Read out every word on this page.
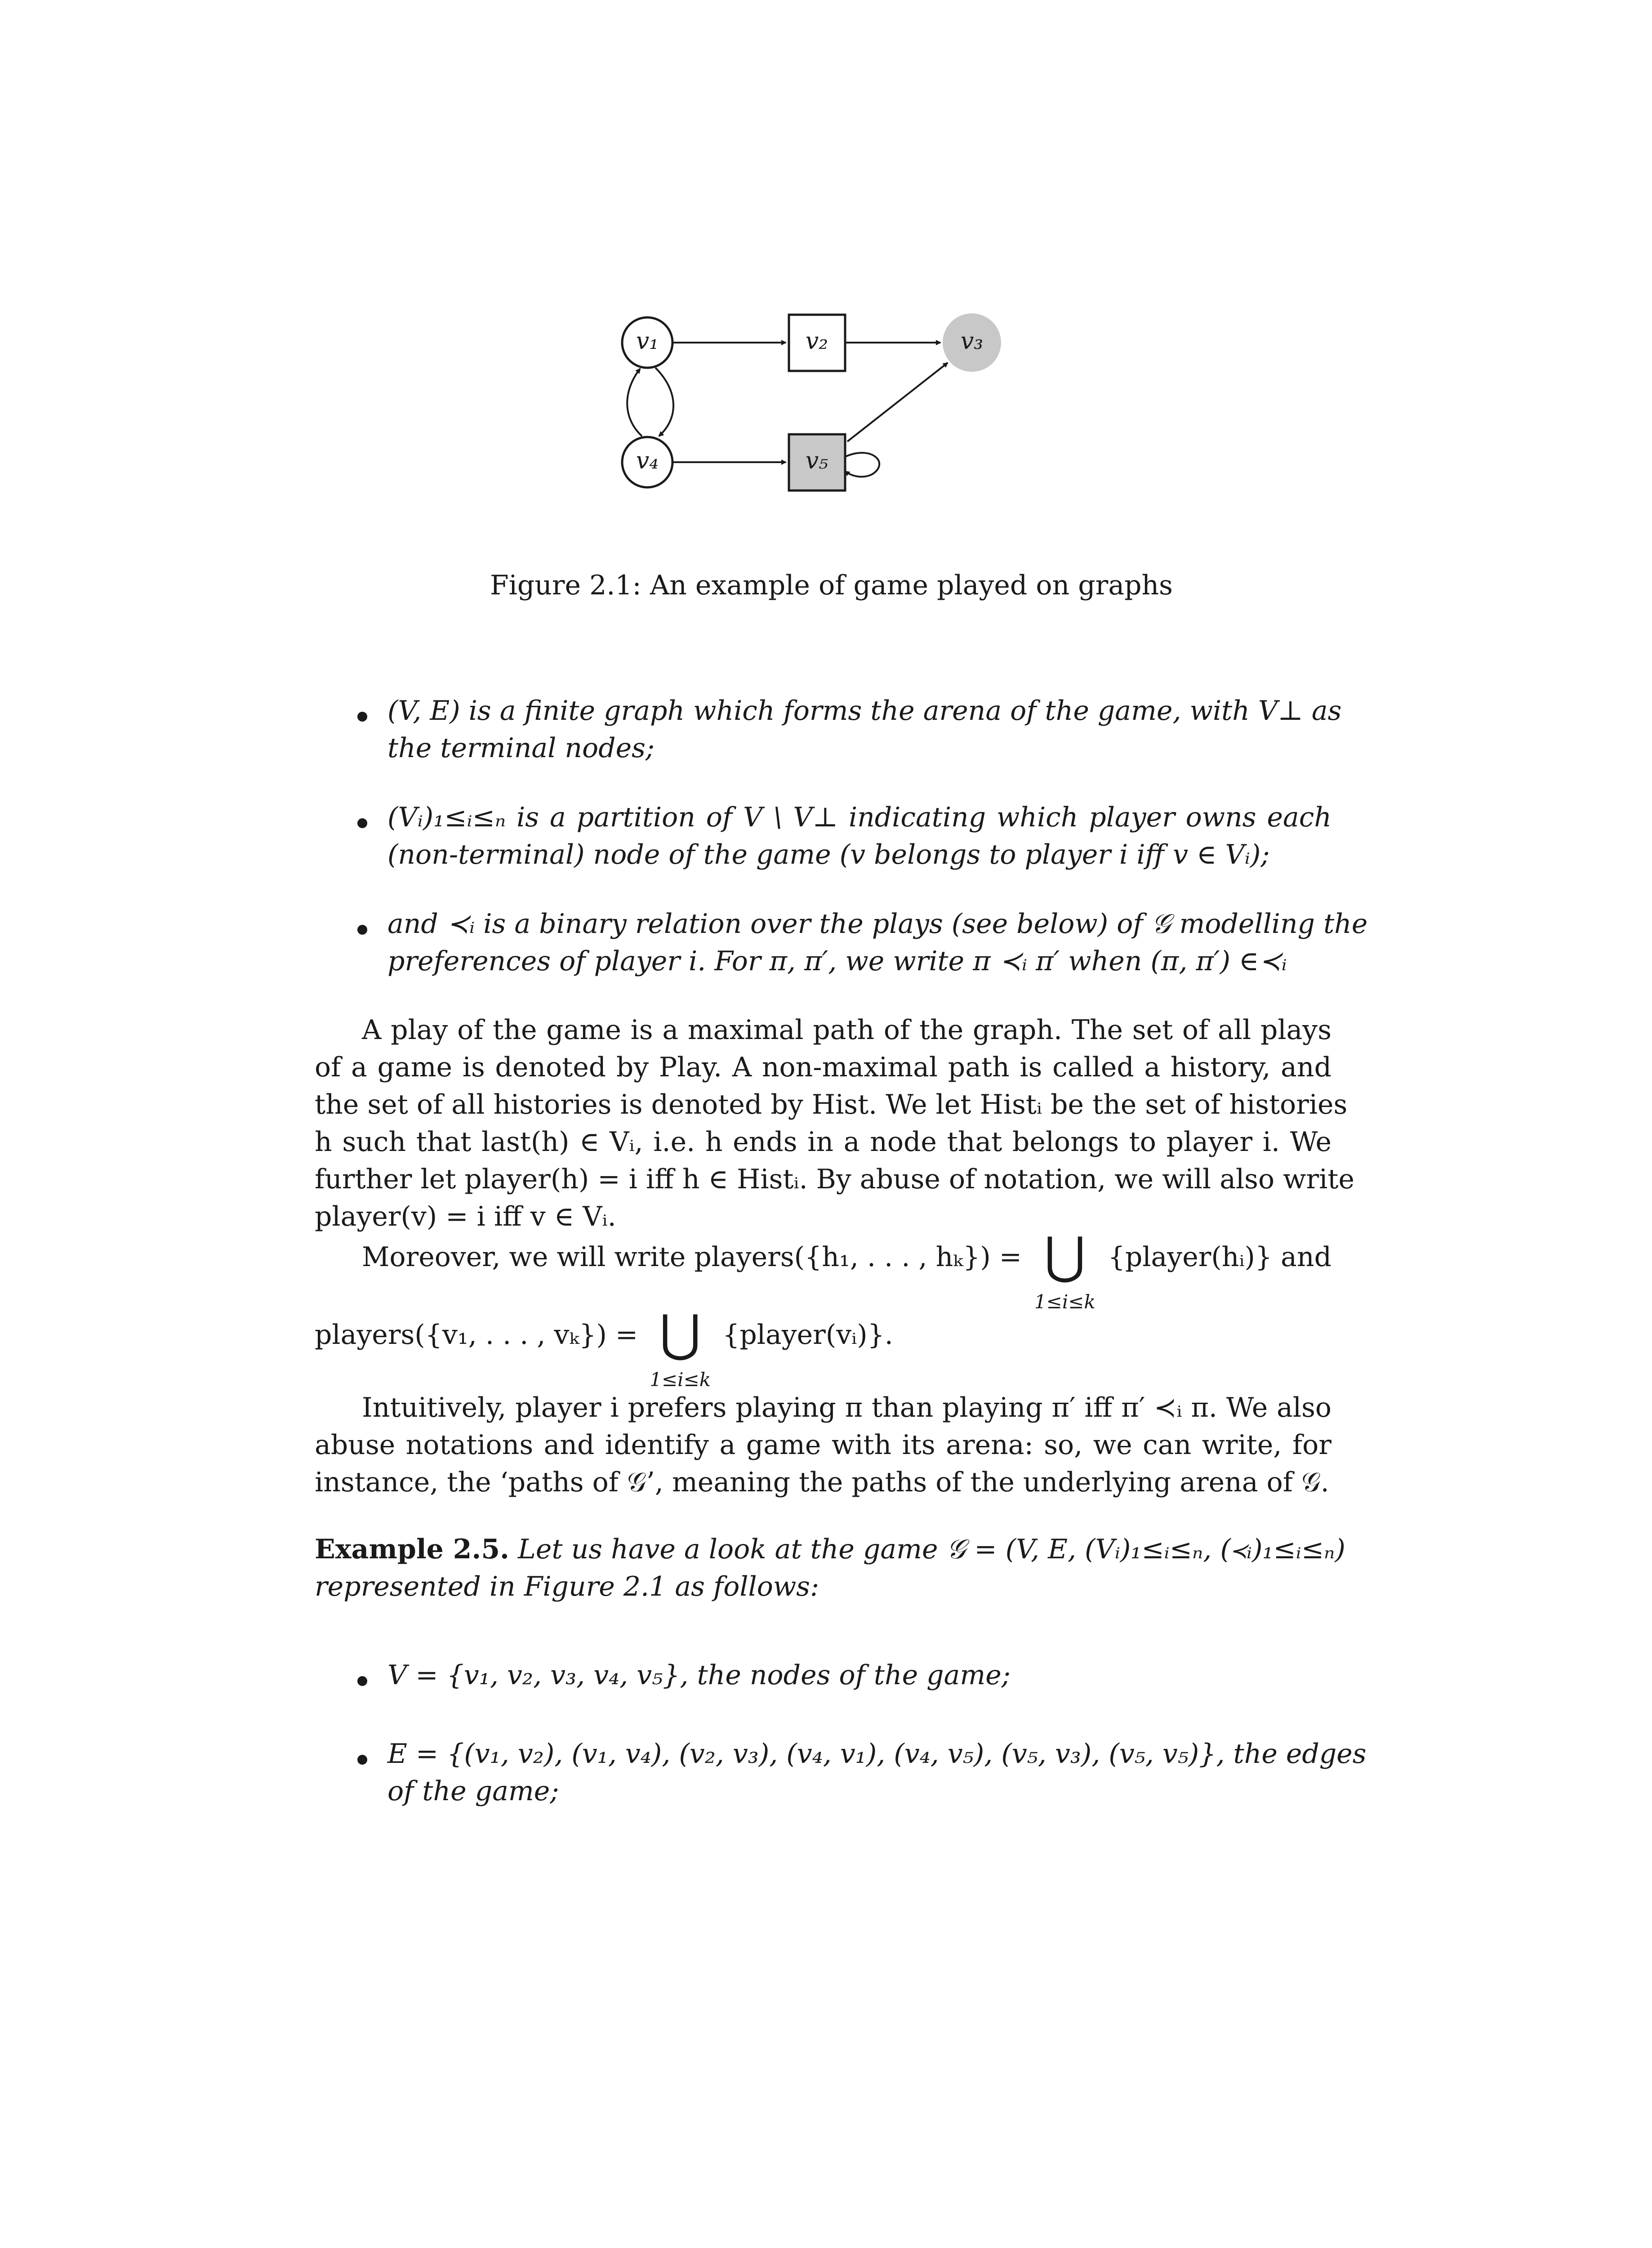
v₁	v₂	v₃
v₄	v₅
Figure 2.1: An example of game played on graphs
(V, E) is a finite graph which forms the arena of the game, with V⊥ as
the terminal nodes;
(Vᵢ)₁≤ᵢ≤ₙ is a partition of V \ V⊥ indicating which player owns each
(non-terminal) node of the game (v belongs to player i iff v ∈ Vᵢ);
and ≺ᵢ is a binary relation over the plays (see below) of 𝒢 modelling the
preferences of player i. For π, π′, we write π ≺ᵢ π′ when (π, π′) ∈≺ᵢ
A play of the game is a maximal path of the graph. The set of all plays
of a game is denoted by Play. A non-maximal path is called a history, and
the set of all histories is denoted by Hist. We let Histᵢ be the set of histories
h such that last(h) ∈ Vᵢ, i.e. h ends in a node that belongs to player i. We
further let player(h) = i iff h ∈ Histᵢ. By abuse of notation, we will also write
player(v) = i iff v ∈ Vᵢ.
Moreover, we will write players({h₁, . . . , hₖ}) = ⋃
1≤i≤k
{player(hᵢ)} and
players({v₁, . . . , vₖ}) = ⋃
1≤i≤k
{player(vᵢ)}.
Intuitively, player i prefers playing π than playing π′ iff π′ ≺ᵢ π. We also
abuse notations and identify a game with its arena: so, we can write, for
instance, the ‘paths of 𝒢’, meaning the paths of the underlying arena of 𝒢.
Example 2.5. Let us have a look at the game 𝒢 = (V, E, (Vᵢ)₁≤ᵢ≤ₙ, (≺ᵢ)₁≤ᵢ≤ₙ)
represented in Figure 2.1 as follows:
V = {v₁, v₂, v₃, v₄, v₅}, the nodes of the game;
E = {(v₁, v₂), (v₁, v₄), (v₂, v₃), (v₄, v₁), (v₄, v₅), (v₅, v₃), (v₅, v₅)}, the edges
of the game;
